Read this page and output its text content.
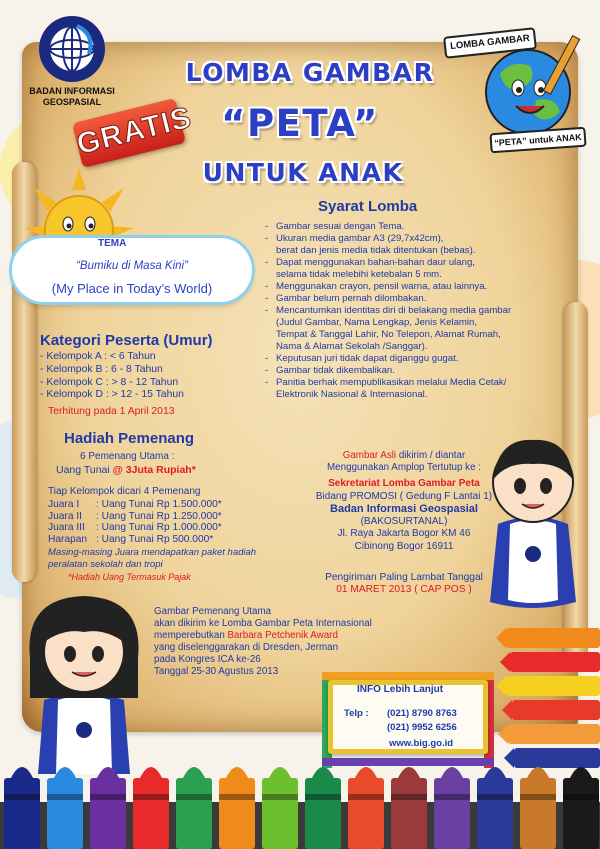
BADAN INFORMASI
GEOSPASIAL
GRATIS
LOMBA GAMBAR
“PETA”
UNTUK ANAK
LOMBA GAMBAR
“PETA” untuk ANAK
TEMA
“Bumiku di Masa Kini”
(My Place in Today’s World)
Syarat Lomba
- Gambar sesuai dengan Tema.
- Ukuran media gambar A3 (29,7x42cm),
berat dan jenis media tidak ditentukan (bebas).
- Dapat menggunakan bahan-bahan daur ulang,
selama tidak melebihi ketebalan 5 mm.
- Menggunakan crayon, pensil warna, atau lainnya.
- Gambar belum pernah dilombakan.
- Mencantumkan identitas diri di belakang media gambar
(Judul Gambar, Nama Lengkap, Jenis Kelamin,
Tempat & Tanggal Lahir, No Telepon, Alamat Rumah,
Nama & Alamat Sekolah /Sanggar).
- Keputusan juri tidak dapat diganggu gugat.
- Gambar tidak dikembalikan.
- Panitia berhak mempublikasikan melalui Media Cetak/
Elektronik Nasional & Internasional.
Kategori Peserta (Umur)
- Kelompok A : < 6 Tahun
- Kelompok B : 6 - 8 Tahun
- Kelompok C : > 8 - 12 Tahun
- Kelompok D : > 12 - 15 Tahun
Terhitung pada 1 April 2013
Hadiah Pemenang
6 Pemenang Utama :
Uang Tunai @ 3Juta Rupiah*
Tiap Kelompok dicari 4 Pemenang
Juara I	: Uang Tunai Rp 1.500.000*
Juara II	: Uang Tunai Rp 1.250.000*
Juara III	: Uang Tunai Rp 1.000.000*
Harapan	: Uang Tunai Rp 500.000*
Masing-masing Juara mendapatkan paket hadiah peralatan sekolah dan tropi
*Hadiah Uang Termasuk Pajak
Gambar Asli dikirim / diantar
Menggunakan Amplop Tertutup ke :
Sekretariat Lomba Gambar Peta
Bidang PROMOSI ( Gedung F Lantai 1)
Badan Informasi Geospasial
(BAKOSURTANAL)
Jl. Raya Jakarta Bogor KM 46
Cibinong Bogor 16911
Pengiriman Paling Lambat Tanggal
01 MARET 2013 ( CAP POS )
Gambar Pemenang Utama
akan dikirim ke Lomba Gambar Peta Internasional
memperebutkan Barbara Petchenik Award
yang diselenggarakan di Dresden, Jerman
pada Kongres ICA ke-26
Tanggal 25-30 Agustus 2013
INFO Lebih Lanjut
Telp : (021) 8790 8763
(021) 9952 6256
www.big.go.id
